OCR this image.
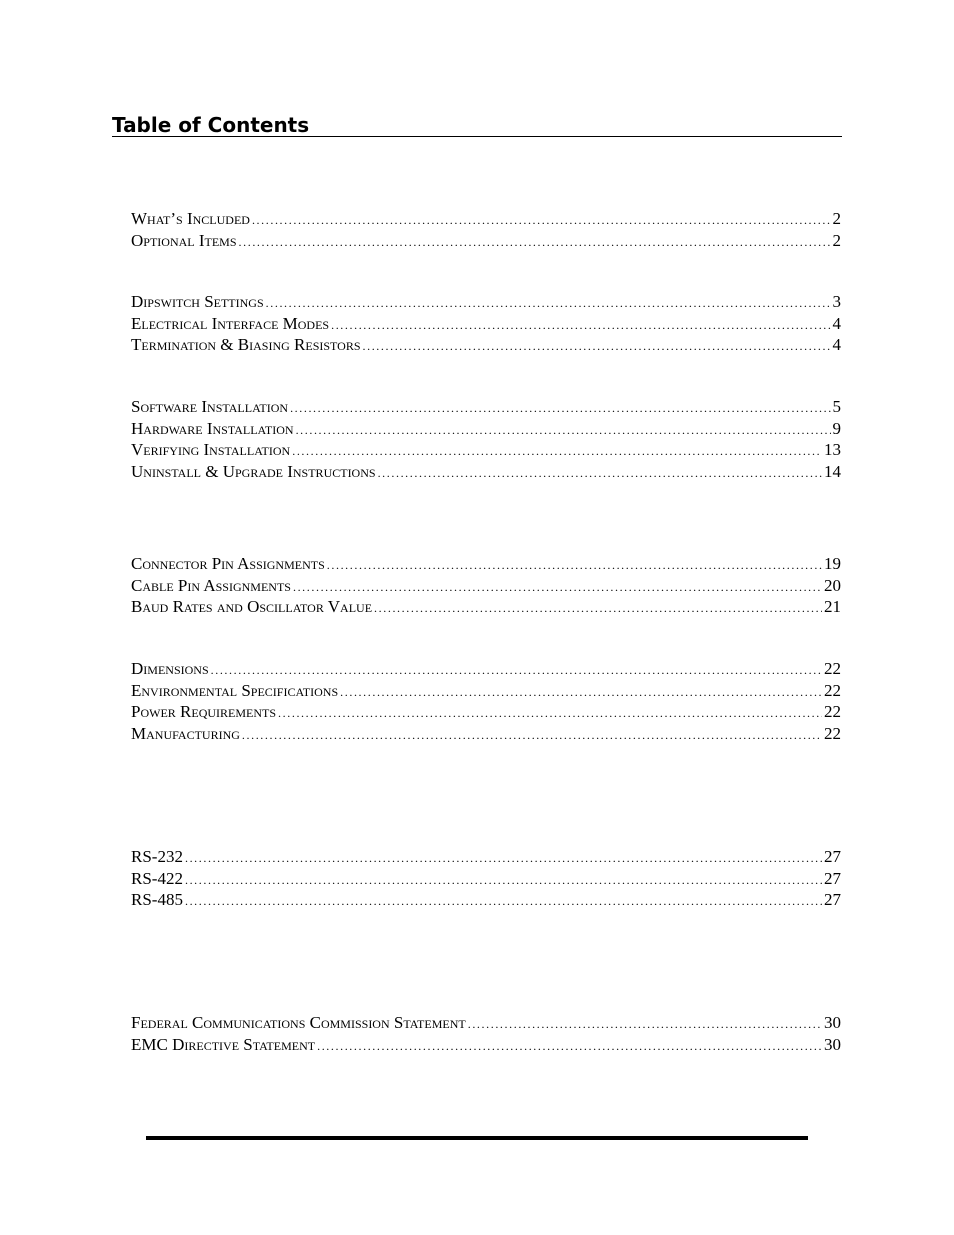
Table of Contents
What’s Included .....	2
Optional Items .....	2
Dipswitch Settings .....	3
Electrical Interface Modes .....	4
Termination & Biasing Resistors .....	4
Software Installation .....	5
Hardware Installation .....	9
Verifying Installation .....	13
Uninstall & Upgrade Instructions .....	14
Connector Pin Assignments .....	19
Cable Pin Assignments .....	20
Baud Rates and Oscillator Value .....	21
Dimensions .....	22
Environmental Specifications .....	22
Power Requirements .....	22
Manufacturing .....	22
RS-232 .....	27
RS-422 .....	27
RS-485 .....	27
Federal Communications Commission Statement .....	30
EMC Directive Statement .....	30
